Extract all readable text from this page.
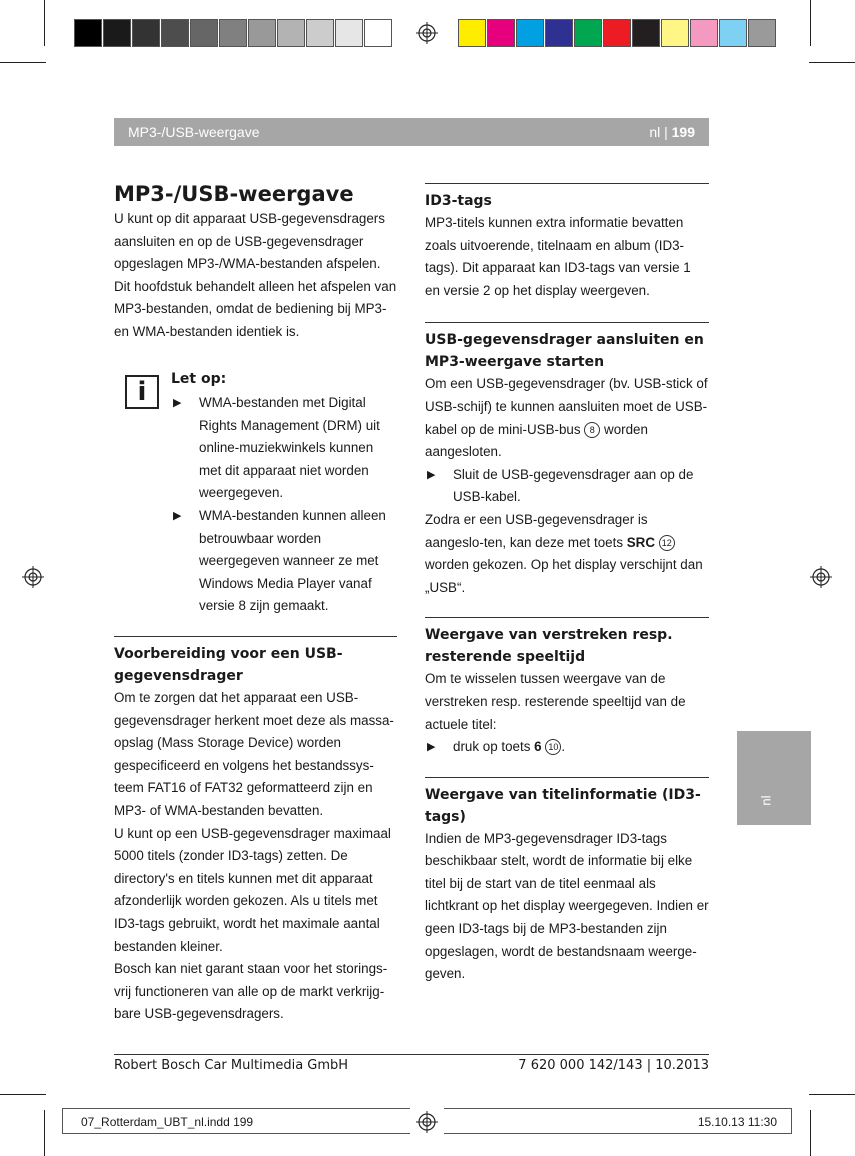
MP3-/USB-weergave	nl | 199
MP3-/USB-weergave

U kunt op dit apparaat USB-gegevensdragers aansluiten en op de USB-gegevensdrager opgeslagen MP3-/WMA-bestanden afspelen. Dit hoofdstuk behandelt alleen het afspelen van MP3-bestanden, omdat de bediening bij MP3- en WMA-bestanden identiek is.

i	Let op:

▶ WMA-bestanden met Digital Rights Management (DRM) uit online-muziekwinkels kunnen met dit apparaat niet worden weergegeven.

▶ WMA-bestanden kunnen alleen betrouwbaar worden weergegeven wanneer ze met Windows Media Player vanaf versie 8 zijn gemaakt.

Voorbereiding voor een USB-gegevensdrager

Om te zorgen dat het apparaat een USB-gegevensdrager herkent moet deze als massa-opslag (Mass Storage Device) worden gespecificeerd en volgens het bestandssys-teem FAT16 of FAT32 geformatteerd zijn en MP3- of WMA-bestanden bevatten.

U kunt op een USB-gegevensdrager maximaal 5000 titels (zonder ID3-tags) zetten. De directory's en titels kunnen met dit apparaat afzonderlijk worden gekozen. Als u titels met ID3-tags gebruikt, wordt het maximale aantal bestanden kleiner.

Bosch kan niet garant staan voor het storings-vrij functioneren van alle op de markt verkrijg-bare USB-gegevensdragers.

ID3-tags

MP3-titels kunnen extra informatie bevatten zoals uitvoerende, titelnaam en album (ID3-tags). Dit apparaat kan ID3-tags van versie 1 en versie 2 op het display weergeven.

USB-gegevensdrager aansluiten en MP3-weergave starten

Om een USB-gegevensdrager (bv. USB-stick of USB-schijf) te kunnen aansluiten moet de USB-kabel op de mini-USB-bus 8 worden aangesloten.

▶ Sluit de USB-gegevensdrager aan op de USB-kabel.

Zodra er een USB-gegevensdrager is aangeslo-ten, kan deze met toets SRC 12 worden gekozen. Op het display verschijnt dan „USB“.

Weergave van verstreken resp. resterende speeltijd

Om te wisselen tussen weergave van de verstreken resp. resterende speeltijd van de actuele titel:

▶ druk op toets 6 10 .

Weergave van titelinformatie (ID3-tags)

Indien de MP3-gegevensdrager ID3-tags beschikbaar stelt, wordt de informatie bij elke titel bij de start van de titel eenmaal als lichtkrant op het display weergegeven. Indien er geen ID3-tags bij de MP3-bestanden zijn opgeslagen, wordt de bestandsnaam weerge-geven.

nl
Robert Bosch Car Multimedia GmbH	7 620 000 142/143 | 10.2013
07_Rotterdam_UBT_nl.indd 199	15.10.13 11:30
